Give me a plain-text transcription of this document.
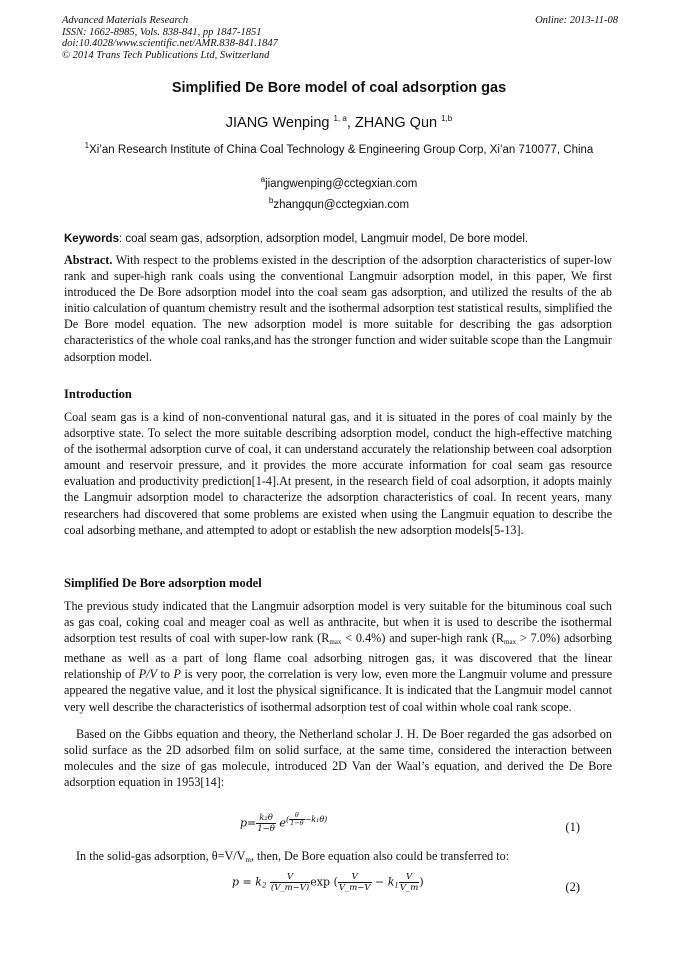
Advanced Materials Research
ISSN: 1662-8985, Vols. 838-841, pp 1847-1851
doi:10.4028/www.scientific.net/AMR.838-841.1847
© 2014 Trans Tech Publications Ltd, Switzerland
Online: 2013-11-08
Simplified De Bore model of coal adsorption gas
JIANG Wenping $^{1, a}$, ZHANG Qun $^{1,b}$
$^1$Xi’an Research Institute of China Coal Technology & Engineering Group Corp, Xi’an 710077, China
$^a$jiangwenping@cctegxian.com
$^b$zhangqun@cctegxian.com
Keywords: coal seam gas, adsorption, adsorption model, Langmuir model, De bore model.
Abstract. With respect to the problems existed in the description of the adsorption characteristics of super-low rank and super-high rank coals using the conventional Langmuir adsorption model, in this paper, We first introduced the De Bore adsorption model into the coal seam gas adsorption, and utilized the results of the ab initio calculation of quantum chemistry result and the isothermal adsorption test statistical results, simplified the De Bore model equation. The new adsorption model is more suitable for describing the gas adsorption characteristics of the whole coal ranks,and has the stronger function and wider suitable scope than the Langmuir adsorption model.
Introduction
Coal seam gas is a kind of non-conventional natural gas, and it is situated in the pores of coal mainly by the adsorptive state. To select the more suitable describing adsorption model, conduct the high-effective matching of the isothermal adsorption curve of coal, it can understand accurately the relationship between coal adsorption amount and reservoir pressure, and it provides the more accurate information for coal seam gas resource evaluation and productivity prediction[1-4].At present, in the research field of coal adsorption, it adopts mainly the Langmuir adsorption model to characterize the adsorption characteristics of coal. In recent years, many researchers had discovered that some problems are existed when using the Langmuir equation to describe the coal adsorbing methane, and attempted to adopt or establish the new adsorption models[5-13].
Simplified De Bore adsorption model
The previous study indicated that the Langmuir adsorption model is very suitable for the bituminous coal such as gas coal, coking coal and meager coal as well as anthracite, but when it is used to describe the isothermal adsorption test results of coal with super-low rank $(R_{max} < 0.4\%)$ and super-high rank $(R_{max} > 7.0\%)$ adsorbing methane as well as a part of long flame coal adsorbing nitrogen gas, it was discovered that the linear relationship of P/V to P is very poor, the correlation is very low, even more the Langmuir volume and pressure appeared the negative value, and it lost the physical significance. It is indicated that the Langmuir model cannot very well describe the characteristics of isothermal adsorption test of coal within whole coal rank scope.
Based on the Gibbs equation and theory, the Netherland scholar J. H. De Boer regarded the gas adsorbed on solid surface as the 2D adsorbed film on solid surface, at the same time, considered the interaction between molecules and the size of gas molecule, introduced 2D Van der Waal’s equation, and derived the De Bore adsorption equation in 1953[14]:
$p= \frac{\text{k₂θ}}{1-\theta} e^{( \frac{\theta}{1-\theta} -k_1\theta)}$
(1)
In the solid-gas adsorption, $\theta=V/V_m$, then, De Bore equation also could be transferred to:
$p = k_2 \frac{V}{(V\_m-V)}$ exp ( $\frac{V}{V\_m-V} - k_1 \frac{V}{V\_m}$ )	(2)
